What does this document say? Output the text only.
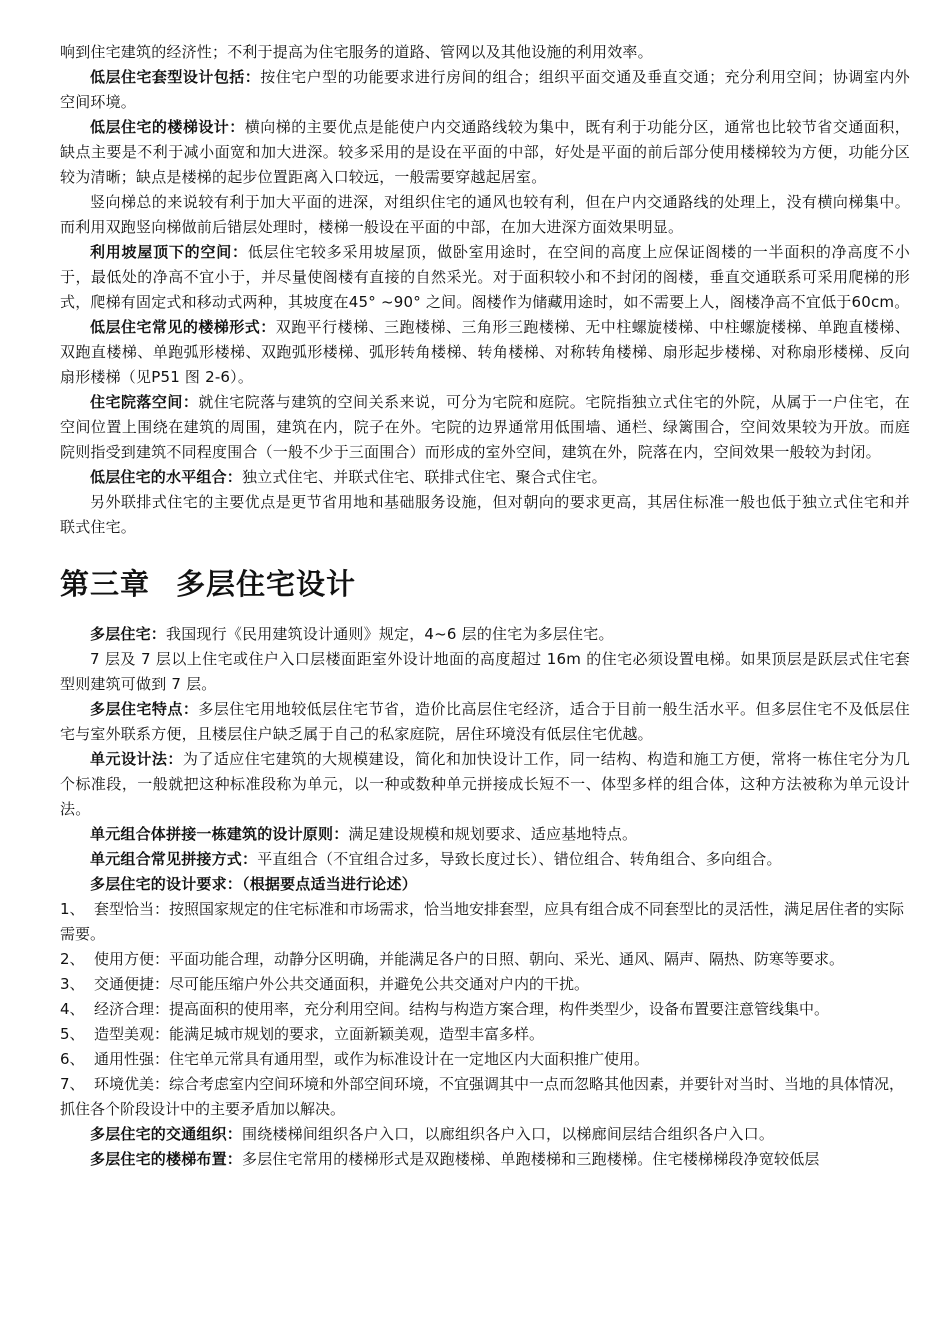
响到住宅建筑的经济性；不利于提高为住宅服务的道路、管网以及其他设施的利用效率。

低层住宅套型设计包括：按住宅户型的功能要求进行房间的组合；组织平面交通及垂直交通；充分利用空间；协调室内外空间环境。

低层住宅的楼梯设计：横向梯的主要优点是能使户内交通路线较为集中，既有利于功能分区，通常也比较节省交通面积，缺点主要是不利于减小面宽和加大进深。较多采用的是设在平面的中部，好处是平面的前后部分使用楼梯较为方便，功能分区较为清晰；缺点是楼梯的起步位置距离入口较远，一般需要穿越起居室。

竖向梯总的来说较有利于加大平面的进深，对组织住宅的通风也较有利，但在户内交通路线的处理上，没有横向梯集中。而利用双跑竖向梯做前后错层处理时，楼梯一般设在平面的中部，在加大进深方面效果明显。

利用坡屋顶下的空间：低层住宅较多采用坡屋顶，做卧室用途时，在空间的高度上应保证阁楼的一半面积的净高度不小于，最低处的净高不宜小于，并尽量使阁楼有直接的自然采光。对于面积较小和不封闭的阁楼，垂直交通联系可采用爬梯的形式，爬梯有固定式和移动式两种，其坡度在45° ~90° 之间。阁楼作为储藏用途时，如不需要上人，阁楼净高不宜低于60cm。

低层住宅常见的楼梯形式：双跑平行楼梯、三跑楼梯、三角形三跑楼梯、无中柱螺旋楼梯、中柱螺旋楼梯、单跑直楼梯、双跑直楼梯、单跑弧形楼梯、双跑弧形楼梯、弧形转角楼梯、转角楼梯、对称转角楼梯、扇形起步楼梯、对称扇形楼梯、反向扇形楼梯（见P51 图 2-6）。

住宅院落空间：就住宅院落与建筑的空间关系来说，可分为宅院和庭院。宅院指独立式住宅的外院，从属于一户住宅，在空间位置上围绕在建筑的周围，建筑在内，院子在外。宅院的边界通常用低围墙、通栏、绿篱围合，空间效果较为开放。而庭院则指受到建筑不同程度围合（一般不少于三面围合）而形成的室外空间，建筑在外，院落在内，空间效果一般较为封闭。

低层住宅的水平组合：独立式住宅、并联式住宅、联排式住宅、聚合式住宅。

另外联排式住宅的主要优点是更节省用地和基础服务设施，但对朝向的要求更高，其居住标准一般也低于独立式住宅和并联式住宅。

第三章 多层住宅设计

多层住宅：我国现行《民用建筑设计通则》规定，4~6 层的住宅为多层住宅。

7 层及 7 层以上住宅或住户入口层楼面距室外设计地面的高度超过 16m 的住宅必须设置电梯。如果顶层是跃层式住宅套型则建筑可做到 7 层。

多层住宅特点：多层住宅用地较低层住宅节省，造价比高层住宅经济，适合于目前一般生活水平。但多层住宅不及低层住宅与室外联系方便，且楼层住户缺乏属于自己的私家庭院，居住环境没有低层住宅优越。

单元设计法：为了适应住宅建筑的大规模建设，简化和加快设计工作，同一结构、构造和施工方便，常将一栋住宅分为几个标准段，一般就把这种标准段称为单元，以一种或数种单元拼接成长短不一、体型多样的组合体，这种方法被称为单元设计法。

单元组合体拼接一栋建筑的设计原则：满足建设规模和规划要求、适应基地特点。

单元组合常见拼接方式：平直组合（不宜组合过多，导致长度过长）、错位组合、转角组合、多向组合。

多层住宅的设计要求：（根据要点适当进行论述）

1、 套型恰当：按照国家规定的住宅标准和市场需求，恰当地安排套型，应具有组合成不同套型比的灵活性，满足居住者的实际需要。

2、 使用方便：平面功能合理，动静分区明确，并能满足各户的日照、朝向、采光、通风、隔声、隔热、防寒等要求。

3、 交通便捷：尽可能压缩户外公共交通面积，并避免公共交通对户内的干扰。

4、 经济合理：提高面积的使用率，充分利用空间。结构与构造方案合理，构件类型少，设备布置要注意管线集中。

5、 造型美观：能满足城市规划的要求，立面新颖美观，造型丰富多样。

6、 通用性强：住宅单元常具有通用型，或作为标准设计在一定地区内大面积推广使用。

7、 环境优美：综合考虑室内空间环境和外部空间环境，不宜强调其中一点而忽略其他因素，并要针对当时、当地的具体情况，抓住各个阶段设计中的主要矛盾加以解决。

多层住宅的交通组织：围绕楼梯间组织各户入口，以廊组织各户入口，以梯廊间层结合组织各户入口。

多层住宅的楼梯布置：多层住宅常用的楼梯形式是双跑楼梯、单跑楼梯和三跑楼梯。住宅楼梯梯段净宽较低层
